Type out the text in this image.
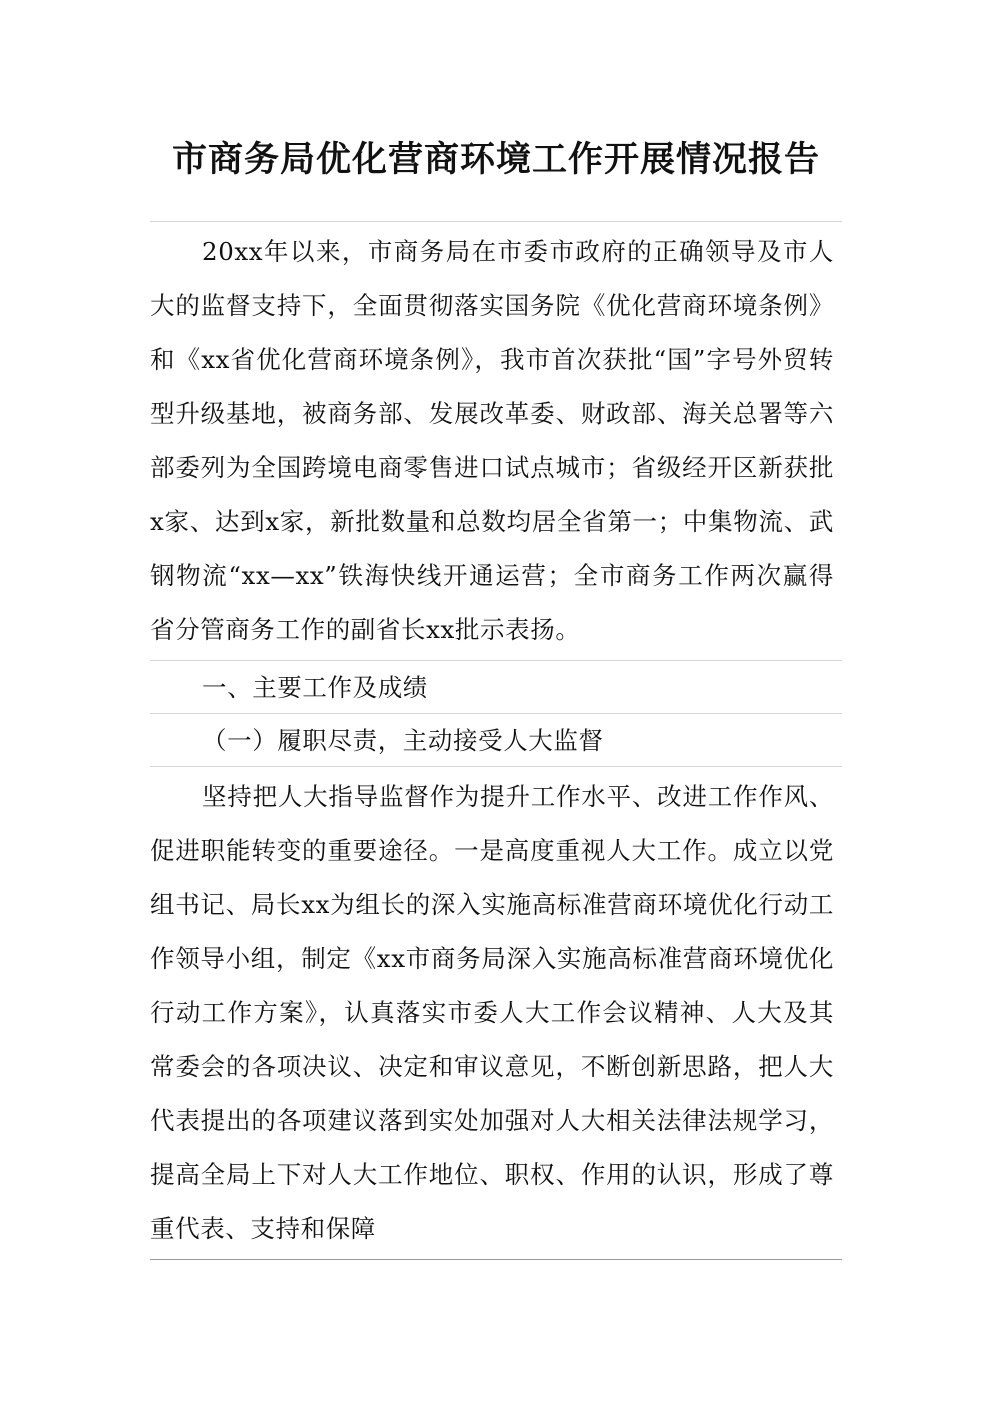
市商务局优化营商环境工作开展情况报告

20xx年以来，市商务局在市委市政府的正确领导及市人大的监督支持下，全面贯彻落实国务院《优化营商环境条例》和《xx省优化营商环境条例》，我市首次获批“国”字号外贸转型升级基地，被商务部、发展改革委、财政部、海关总署等六部委列为全国跨境电商零售进口试点城市；省级经开区新获批x家、达到x家，新批数量和总数均居全省第一；中集物流、武钢物流“xx—xx”铁海快线开通运营；全市商务工作两次赢得省分管商务工作的副省长xx批示表扬。

一、主要工作及成绩

（一）履职尽责，主动接受人大监督

坚持把人大指导监督作为提升工作水平、改进工作作风、促进职能转变的重要途径。一是高度重视人大工作。成立以党组书记、局长xx为组长的深入实施高标准营商环境优化行动工作领导小组，制定《xx市商务局深入实施高标准营商环境优化行动工作方案》，认真落实市委人大工作会议精神、人大及其常委会的各项决议、决定和审议意见，不断创新思路，把人大代表提出的各项建议落到实处加强对人大相关法律法规学习，提高全局上下对人大工作地位、职权、作用的认识，形成了尊重代表、支持和保障
